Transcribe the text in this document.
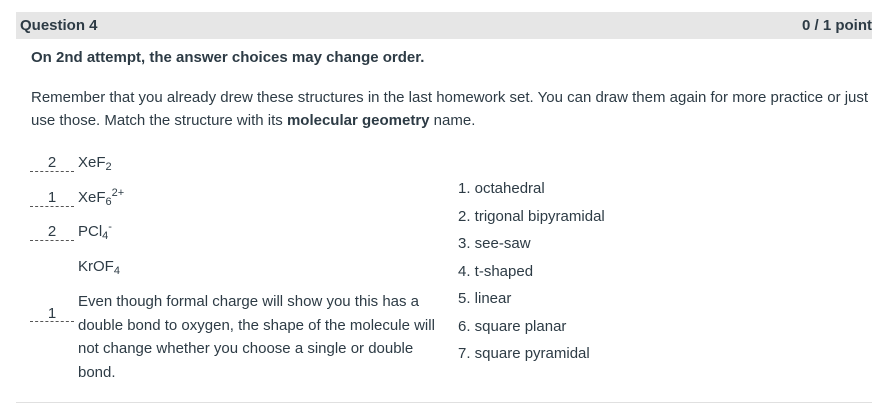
Question 4	0 / 1 point
On 2nd attempt, the answer choices may change order.
Remember that you already drew these structures in the last homework set. You can draw them again for more practice or just use those. Match the structure with its molecular geometry name.
2 XeF$_2$
1 XeF$_6^{2+}$
2 PCl$_4$-
KrOF$_4$
1
Even though formal charge will show you this has a double bond to oxygen, the shape of the molecule will not change whether you choose a single or double bond.
1. octahedral
2. trigonal bipyramidal
3. see-saw
4. t-shaped
5. linear
6. square planar
7. square pyramidal
